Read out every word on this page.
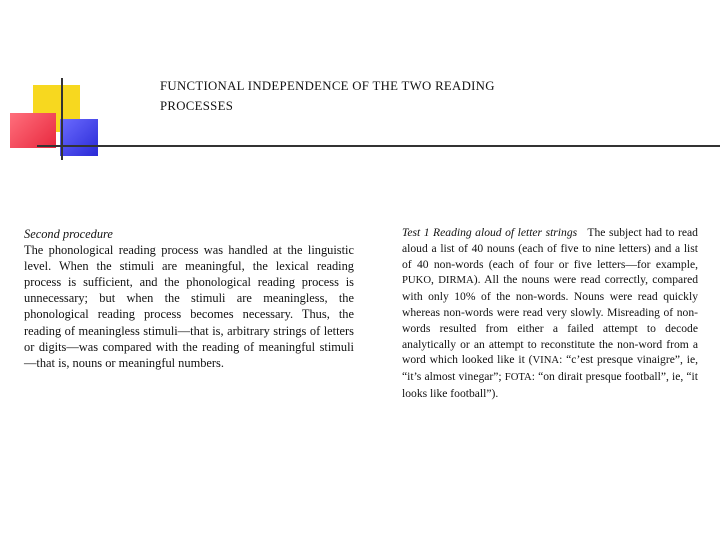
FUNCTIONAL INDEPENDENCE OF THE TWO READING
PROCESSES

Second procedure

The phonological reading process was handled at the linguistic level. When the stimuli are meaningful, the lexical reading process is sufficient, and the phonological reading process is unnecessary; but when the stimuli are meaningless, the phonological reading process becomes necessary. Thus, the reading of meaningless stimuli—that is, arbitrary strings of letters or digits—was compared with the reading of meaningful stimuli—that is, nouns or meaningful numbers.

Test 1 Reading aloud of letter strings The subject had to read aloud a list of 40 nouns (each of five to nine letters) and a list of 40 non-words (each of four or five letters—for example, PUKO, DIRMA). All the nouns were read correctly, compared with only 10% of the non-words. Nouns were read quickly whereas non-words were read very slowly. Misreading of non-words resulted from either a failed attempt to decode analytically or an attempt to reconstitute the non-word from a word which looked like it (VINA: “c’est presque vinaigre”, ie, “it’s almost vinegar”; FOTA: “on dirait presque football”, ie, “it looks like football”).
